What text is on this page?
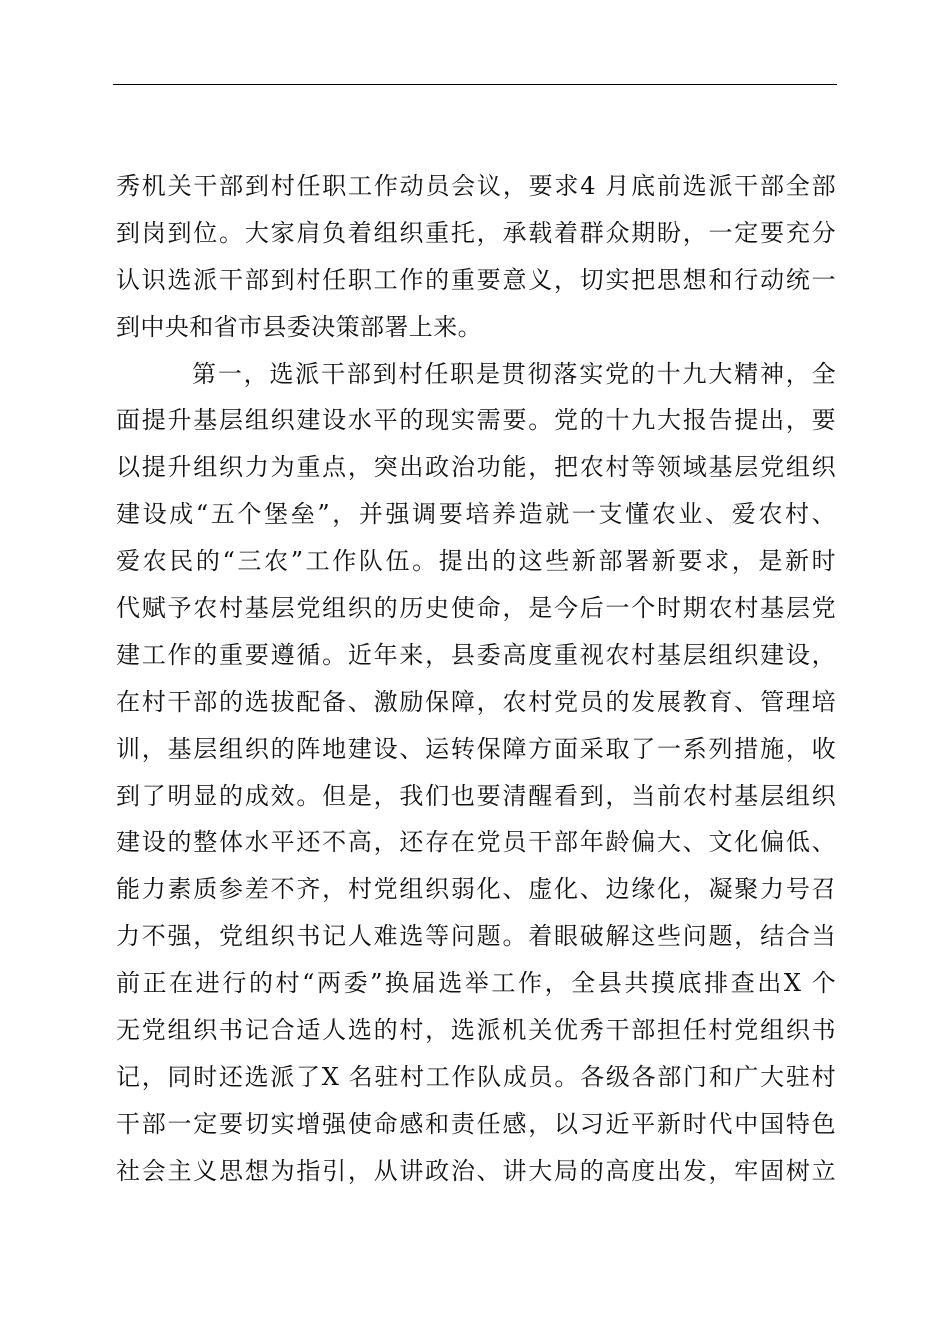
秀机关干部到村任职工作动员会议，要求4 月底前选派干部全部
到岗到位。大家肩负着组织重托，承载着群众期盼，一定要充分
认识选派干部到村任职工作的重要意义，切实把思想和行动统一
到中央和省市县委决策部署上来。
第一，选派干部到村任职是贯彻落实党的十九大精神，全
面提升基层组织建设水平的现实需要。党的十九大报告提出，要
以提升组织力为重点，突出政治功能，把农村等领域基层党组织
建设成“五个堡垒”，并强调要培养造就一支懂农业、爱农村、
爱农民的“三农”工作队伍。提出的这些新部署新要求，是新时
代赋予农村基层党组织的历史使命，是今后一个时期农村基层党
建工作的重要遵循。近年来，县委高度重视农村基层组织建设，
在村干部的选拔配备、激励保障，农村党员的发展教育、管理培
训，基层组织的阵地建设、运转保障方面采取了一系列措施，收
到了明显的成效。但是，我们也要清醒看到，当前农村基层组织
建设的整体水平还不高，还存在党员干部年龄偏大、文化偏低、
能力素质参差不齐，村党组织弱化、虚化、边缘化，凝聚力号召
力不强，党组织书记人难选等问题。着眼破解这些问题，结合当
前正在进行的村“两委”换届选举工作，全县共摸底排查出X 个
无党组织书记合适人选的村，选派机关优秀干部担任村党组织书
记，同时还选派了X 名驻村工作队成员。各级各部门和广大驻村
干部一定要切实增强使命感和责任感，以习近平新时代中国特色
社会主义思想为指引，从讲政治、讲大局的高度出发，牢固树立
